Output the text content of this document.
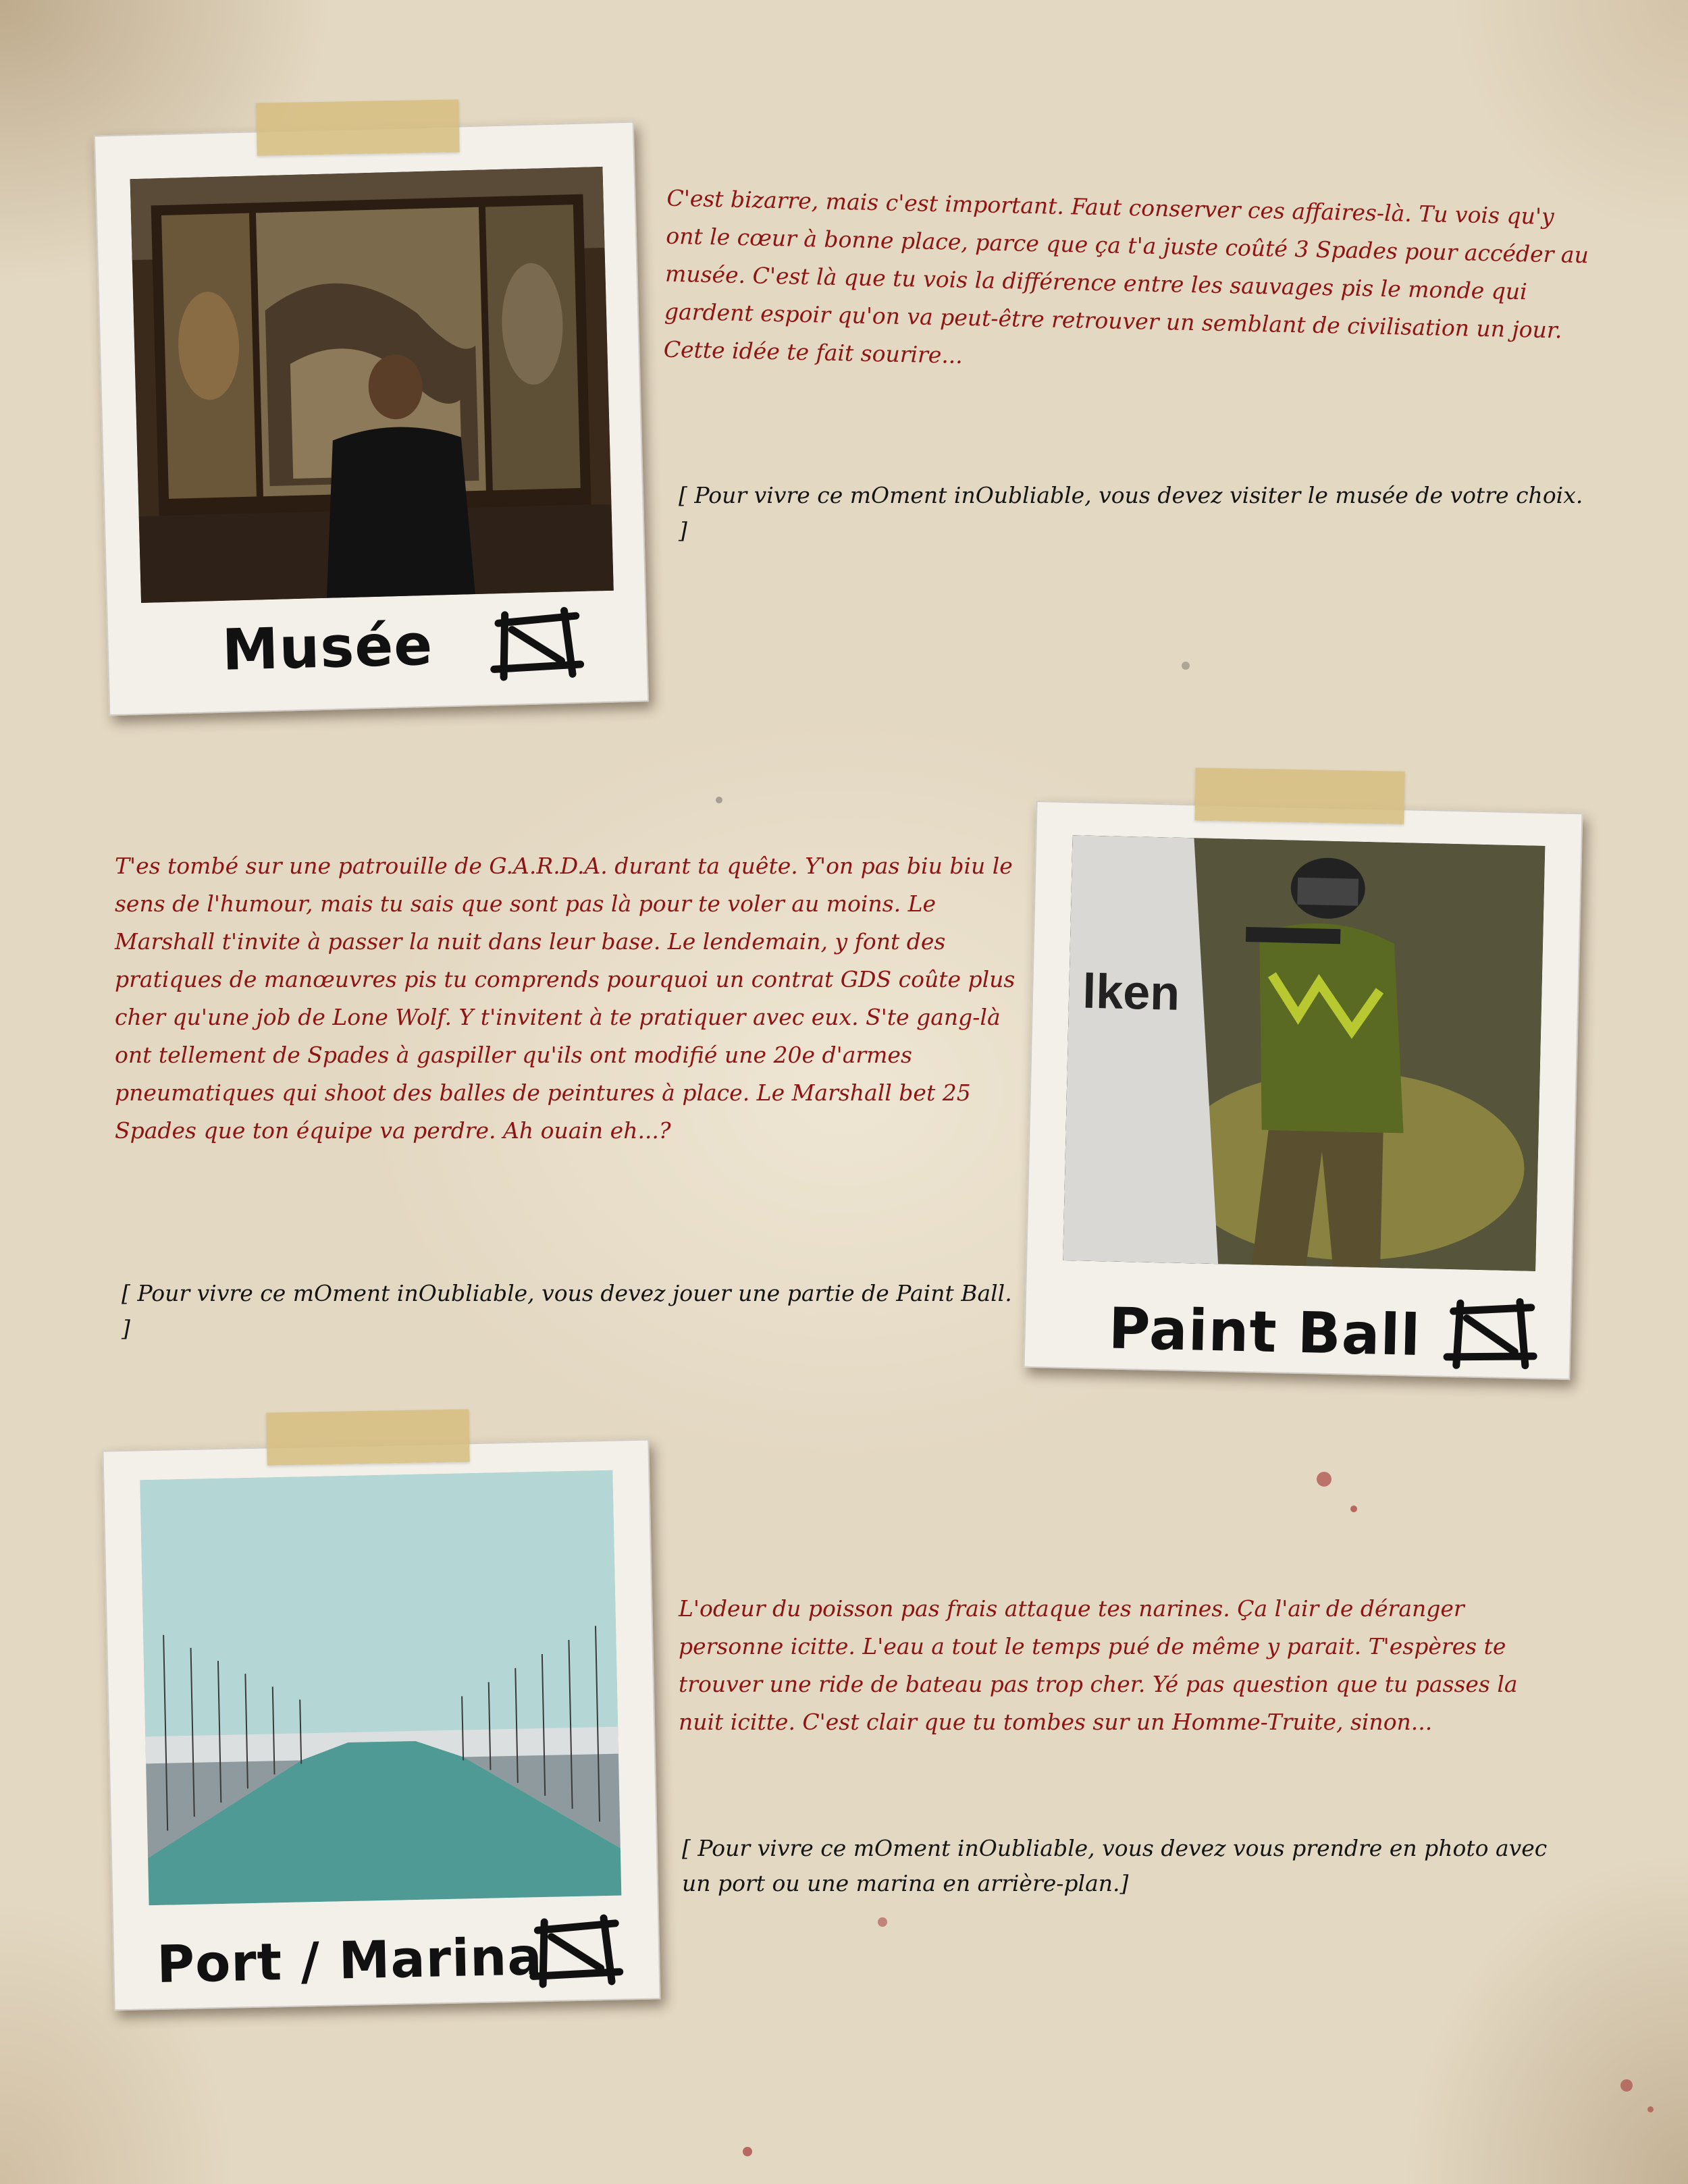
Musée

C'est bizarre, mais c'est important. Faut conserver ces affaires-là. Tu vois qu'y ont le cœur à bonne place, parce que ça t'a juste coûté 3 Spades pour accéder au musée. C'est là que tu vois la différence entre les sauvages pis le monde qui gardent espoir qu'on va peut-être retrouver un semblant de civilisation un jour. Cette idée te fait sourire...

[ Pour vivre ce mOment inOubliable, vous devez visiter le musée de votre choix. ]

lken
Paint Ball

T'es tombé sur une patrouille de G.A.R.D.A. durant ta quête. Y'on pas biu biu le sens de l'humour, mais tu sais que sont pas là pour te voler au moins. Le Marshall t'invite à passer la nuit dans leur base. Le lendemain, y font des pratiques de manœuvres pis tu comprends pourquoi un contrat GDS coûte plus cher qu'une job de Lone Wolf. Y t'invitent à te pratiquer avec eux. S'te gang-là ont tellement de Spades à gaspiller qu'ils ont modifié une 20e d'armes pneumatiques qui shoot des balles de peintures à place. Le Marshall bet 25 Spades que ton équipe va perdre. Ah ouain eh...?

[ Pour vivre ce mOment inOubliable, vous devez jouer une partie de Paint Ball. ]

Port / Marina

L'odeur du poisson pas frais attaque tes narines. Ça l'air de déranger personne icitte. L'eau a tout le temps pué de même y parait. T'espères te trouver une ride de bateau pas trop cher. Yé pas question que tu passes la nuit icitte. C'est clair que tu tombes sur un Homme-Truite, sinon...

[ Pour vivre ce mOment inOubliable, vous devez vous prendre en photo avec un port ou une marina en arrière-plan.]
